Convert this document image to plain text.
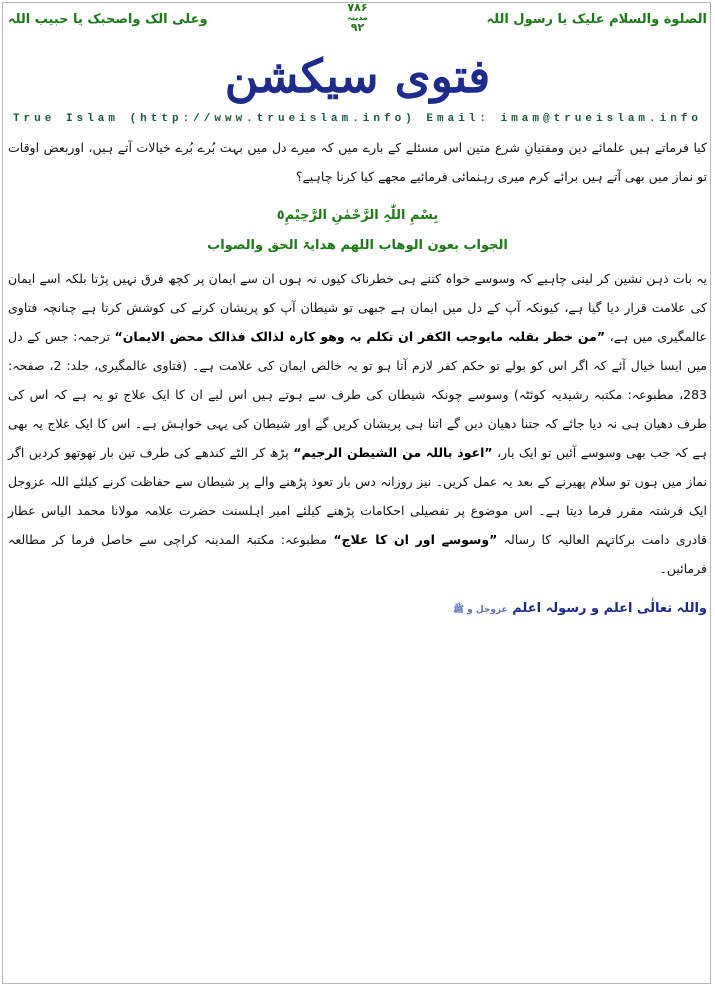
الصلوة والسلام علیک یا رسول اللہ
وعلی الک واصحبک یا حبیب اللہ
۷۸۶
مدینہ
۹۲
فتوی سیکشن
True Islam (http://www.trueislam.info) Email: imam@trueislam.info
کیا فرماتے ہیں علمائے دین ومفتیانِ شرع متین اس مسئلے کے بارے میں کہ میرے دل میں بہت بُرے بُرے خیالات آتے ہیں، اوربعض اوقات تو نماز میں بھی آتے ہیں برائے کرم میری رہنمائی فرمائیے مجھے کیا کرنا چاہیے؟
بِسْمِ اللّٰہِ الرَّحْمٰنِ الرَّحِیْمِ٥
الجواب بعون الوھاب اللھم ھدایۃ الحق والصواب
یہ بات ذہن نشین کر لینی چاہیے کہ وسوسے خواہ کتنے ہی خطرناک کیوں نہ ہوں ان سے ایمان پر کچھ فرق نہیں پڑتا بلکہ اسے ایمان کی علامت قرار دیا گیا ہے، کیونکہ آپ کے دل میں ایمان ہے جبھی تو شیطان آپ کو پریشان کرنے کی کوشش کرتا ہے چنانچہ فتاوی عالمگیری میں ہے، ”من خطر بقلبہ مایوجب الکفر ان تکلم بہ وھو کارہ لذالک فذالک محض الایمان“ ترجمہ: جس کے دل میں ایسا خیال آئے کہ اگر اس کو بولے تو حکم کفر لازم آتا ہو تو یہ خالص ایمان کی علامت ہے۔ (فتاوی عالمگیری، جلد: 2، صفحہ: 283، مطبوعہ: مکتبہ رشیدیہ کوئٹہ) وسوسے چونکہ شیطان کی طرف سے ہوتے ہیں اس لیے ان کا ایک علاج تو یہ ہے کہ اس کی طرف دھیان ہی نہ دیا جائے کہ جتنا دھیان دیں گے اتنا ہی پریشان کریں گے اور شیطان کی یہی خواہش ہے۔ اس کا ایک علاج یہ بھی ہے کہ جب بھی وسوسے آئیں تو ایک بار، ”اعوذ باللہ من الشیطن الرجیم“ پڑھ کر الٹے کندھے کی طرف تین بار تھوتھو کردیں اگر نماز میں ہوں تو سلام پھیرنے کے بعد یہ عمل کریں۔ نیز روزانہ دس بار تعوذ پڑھنے والے پر شیطان سے حفاظت کرنے کیلئے اللہ عزوجل ایک فرشتہ مقرر فرما دیتا ہے۔ اس موضوع پر تفصیلی احکامات پڑھنے کیلئے امیر اہلسنت حضرت علامہ مولانا محمد الیاس عطار قادری دامت برکاتہم العالیہ کا رسالہ ”وسوسے اور ان کا علاج“ مطبوعہ: مکتبۃ المدینہ کراچی سے حاصل فرما کر مطالعہ فرمائیں۔
واللہ تعالٰی اعلم و رسولہ اعلم عزوجل و ﷺ
